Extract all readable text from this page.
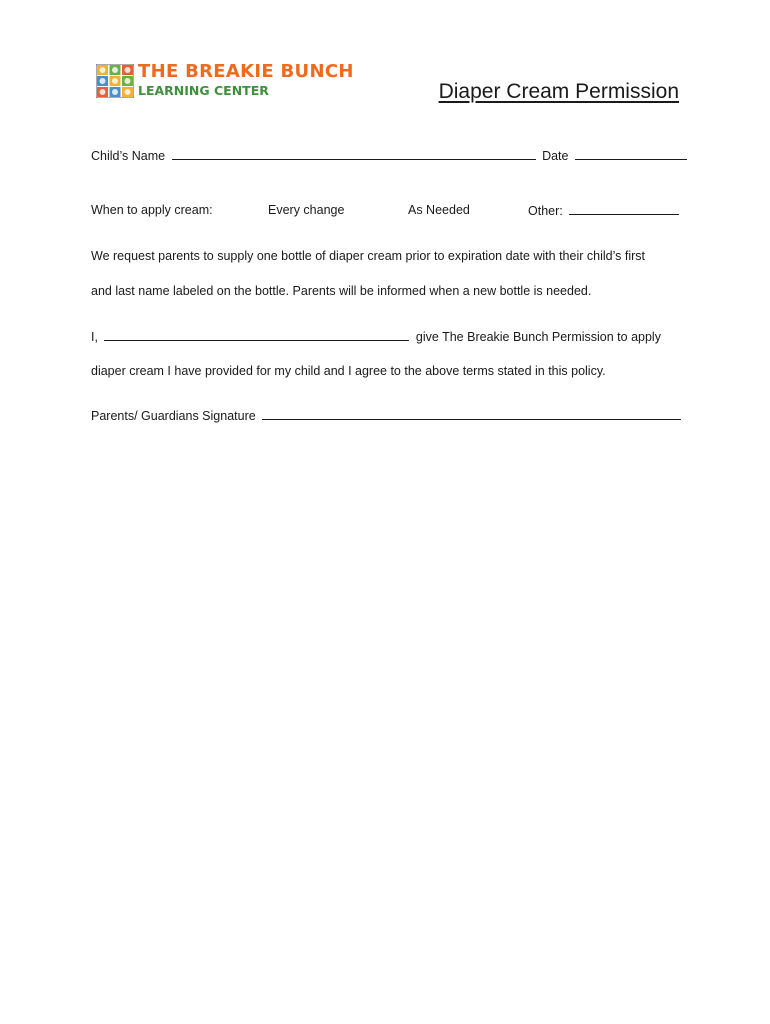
THE BREAKIE BUNCH
LEARNING CENTER	Diaper Cream Permission
Child’s Name	Date
When to apply cream:	Every change	As Needed	Other:
We request parents to supply one bottle of diaper cream prior to expiration date with their child’s first
and last name labeled on the bottle. Parents will be informed when a new bottle is needed.
I,	give The Breakie Bunch Permission to apply
diaper cream I have provided for my child and I agree to the above terms stated in this policy.
Parents/ Guardians Signature
